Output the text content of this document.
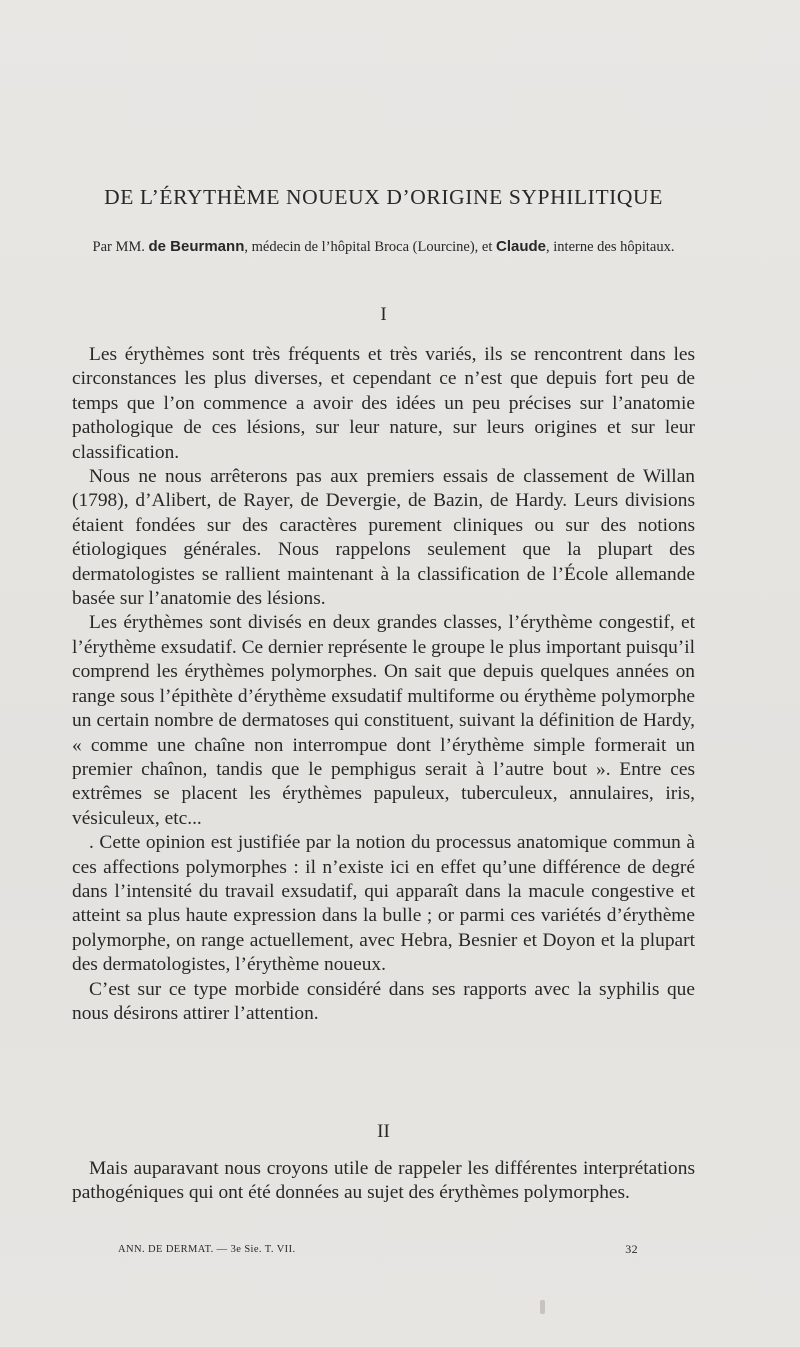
DE L’ÉRYTHÈME NOUEUX D’ORIGINE SYPHILITIQUE
Par MM. de Beurmann, médecin de l’hôpital Broca (Lourcine), et Claude, interne des hôpitaux.
I

Les érythèmes sont très fréquents et très variés, ils se rencontrent dans les circonstances les plus diverses, et cependant ce n’est que depuis fort peu de temps que l’on commence a avoir des idées un peu précises sur l’anatomie pathologique de ces lésions, sur leur nature, sur leurs origines et sur leur classification.

Nous ne nous arrêterons pas aux premiers essais de classement de Willan (1798), d’Alibert, de Rayer, de Devergie, de Bazin, de Hardy. Leurs divisions étaient fondées sur des caractères purement cliniques ou sur des notions étiologiques générales. Nous rappelons seulement que la plupart des dermatologistes se rallient maintenant à la classification de l’École allemande basée sur l’anatomie des lésions.

Les érythèmes sont divisés en deux grandes classes, l’érythème congestif, et l’érythème exsudatif. Ce dernier représente le groupe le plus important puisqu’il comprend les érythèmes polymorphes. On sait que depuis quelques années on range sous l’épithète d’érythème exsudatif multiforme ou érythème polymorphe un certain nombre de dermatoses qui constituent, suivant la définition de Hardy, « comme une chaîne non interrompue dont l’érythème simple formerait un premier chaînon, tandis que le pemphigus serait à l’autre bout ». Entre ces extrêmes se placent les érythèmes papuleux, tuberculeux, annulaires, iris, vésiculeux, etc...

. Cette opinion est justifiée par la notion du processus anatomique commun à ces affections polymorphes : il n’existe ici en effet qu’une différence de degré dans l’intensité du travail exsudatif, qui apparaît dans la macule congestive et atteint sa plus haute expression dans la bulle ; or parmi ces variétés d’érythème polymorphe, on range actuellement, avec Hebra, Besnier et Doyon et la plupart des dermatologistes, l’érythème noueux.

C’est sur ce type morbide considéré dans ses rapports avec la syphilis que nous désirons attirer l’attention.

II

Mais auparavant nous croyons utile de rappeler les différentes interprétations pathogéniques qui ont été données au sujet des érythèmes polymorphes.

ANN. DE DERMAT. — 3e Sie. T. VII.	32
